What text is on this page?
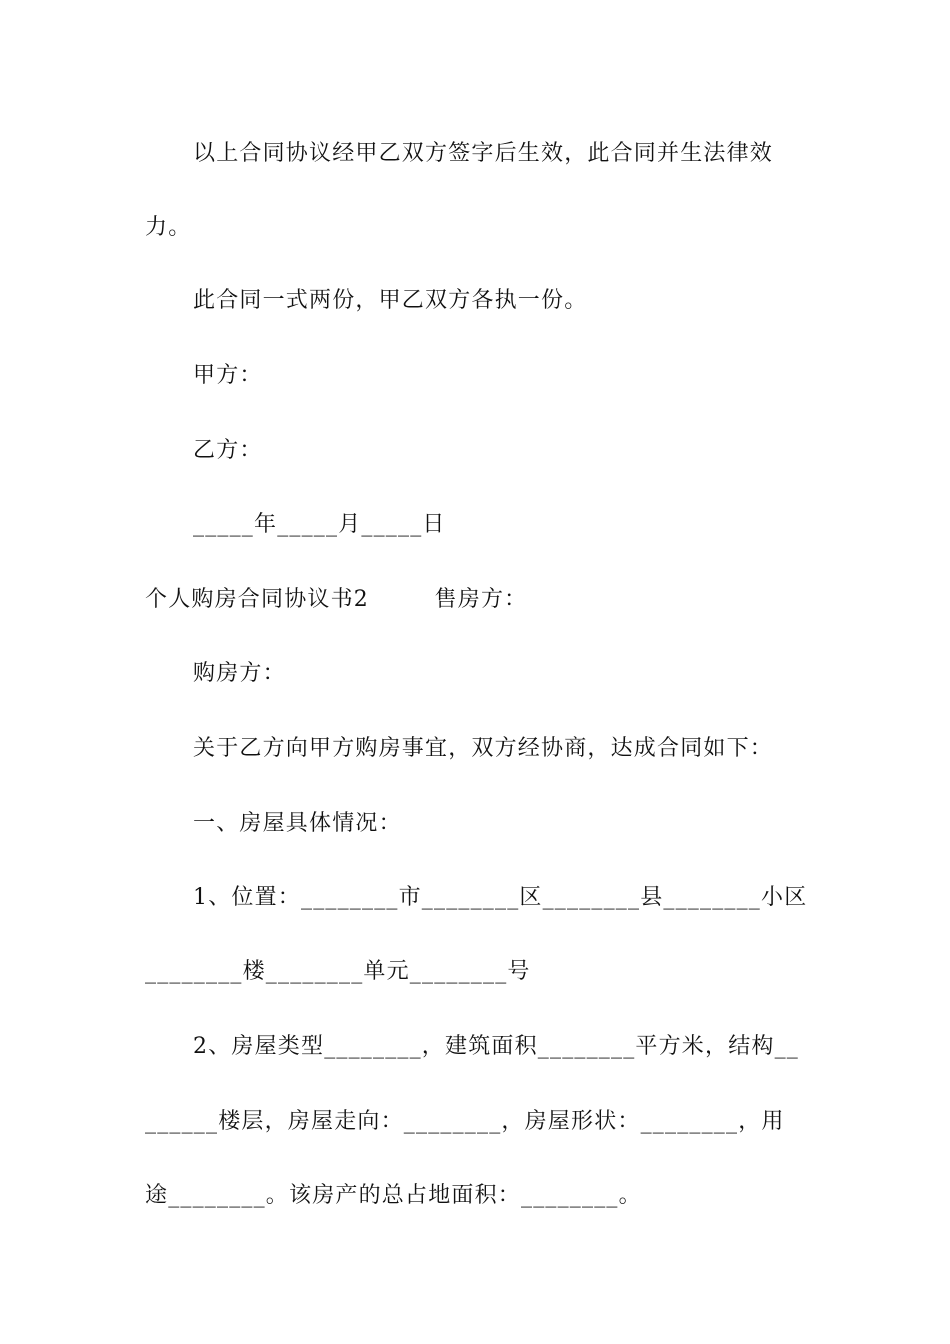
以上合同协议经甲乙双方签字后生效，此合同并生法律效
力。
此合同一式两份，甲乙双方各执一份。
甲方：
乙方：
_____年_____月_____日
个人购房合同协议书2        售房方：
购房方：
关于乙方向甲方购房事宜，双方经协商，达成合同如下：
一、房屋具体情况：
1、位置：________市________区________县________小区
________楼________单元________号
2、房屋类型________，建筑面积________平方米，结构__
______楼层，房屋走向：________，房屋形状：________，用
途________。该房产的总占地面积：________。
